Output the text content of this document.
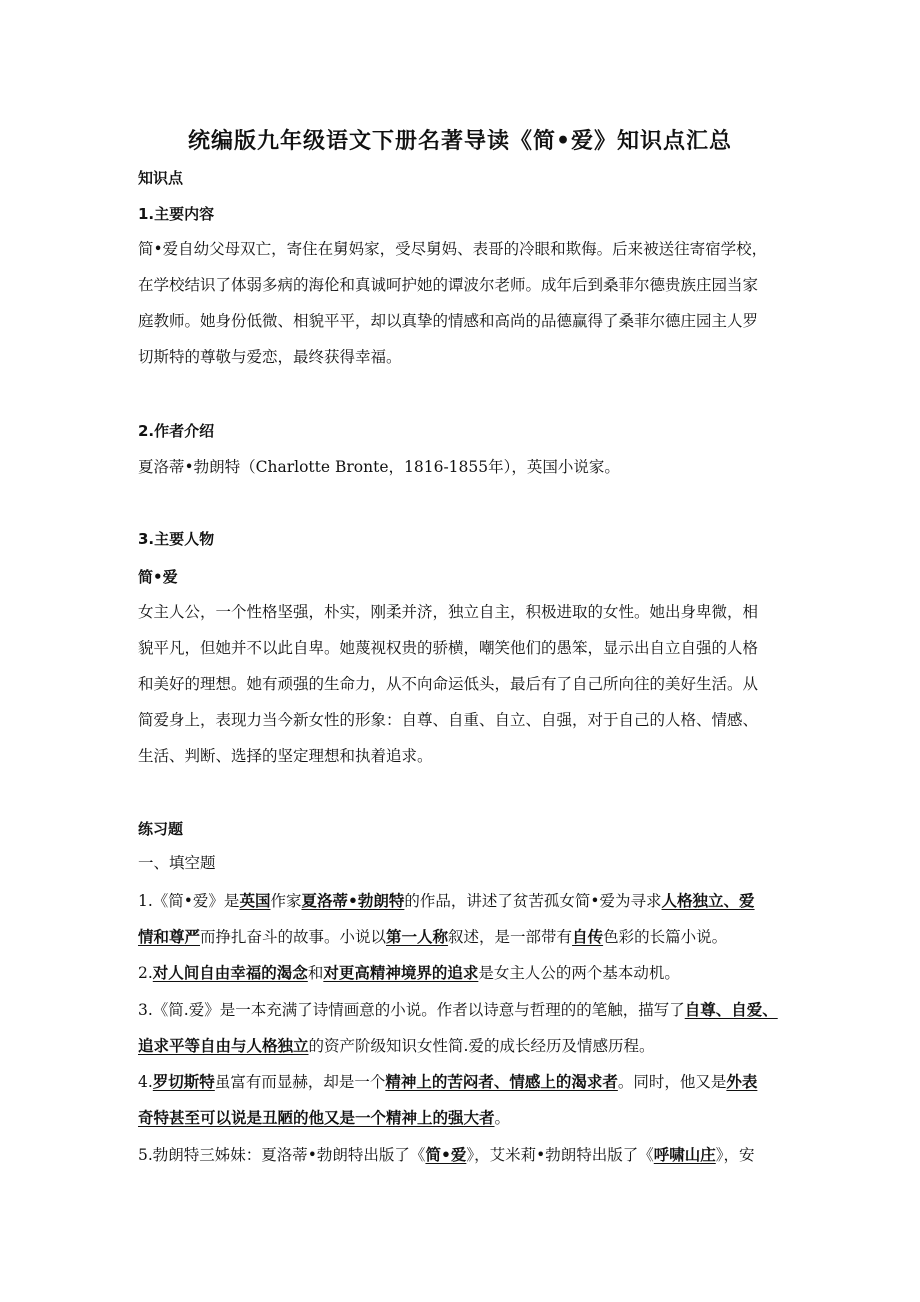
统编版九年级语文下册名著导读《简•爱》知识点汇总
知识点
1.主要内容
简•爱自幼父母双亡，寄住在舅妈家，受尽舅妈、表哥的冷眼和欺侮。后来被送往寄宿学校，
在学校结识了体弱多病的海伦和真诚呵护她的谭波尔老师。成年后到桑菲尔德贵族庄园当家
庭教师。她身份低微、相貌平平，却以真挚的情感和高尚的品德赢得了桑菲尔德庄园主人罗
切斯特的尊敬与爱恋，最终获得幸福。
2.作者介绍
夏洛蒂•勃朗特（Charlotte Bronte，1816-1855年），英国小说家。
3.主要人物
简•爱
女主人公，一个性格坚强，朴实，刚柔并济，独立自主，积极进取的女性。她出身卑微，相
貌平凡，但她并不以此自卑。她蔑视权贵的骄横，嘲笑他们的愚笨，显示出自立自强的人格
和美好的理想。她有顽强的生命力，从不向命运低头，最后有了自己所向往的美好生活。从
简爱身上，表现力当今新女性的形象：自尊、自重、自立、自强，对于自己的人格、情感、
生活、判断、选择的坚定理想和执着追求。
练习题
一、填空题
1.《简•爱》是英国作家夏洛蒂•勃朗特的作品，讲述了贫苦孤女简•爱为寻求人格独立、爱
情和尊严而挣扎奋斗的故事。小说以第一人称叙述，是一部带有自传色彩的长篇小说。
2.对人间自由幸福的渴念和对更高精神境界的追求是女主人公的两个基本动机。
3.《简.爱》是一本充满了诗情画意的小说。作者以诗意与哲理的的笔触，描写了自尊、自爱、
追求平等自由与人格独立的资产阶级知识女性简.爱的成长经历及情感历程。
4.罗切斯特虽富有而显赫，却是一个精神上的苦闷者、情感上的渴求者。同时，他又是外表
奇特甚至可以说是丑陋的他又是一个精神上的强大者。
5.勃朗特三姊妹：夏洛蒂•勃朗特出版了《简•爱》，艾米莉•勃朗特出版了《呼啸山庄》，安
